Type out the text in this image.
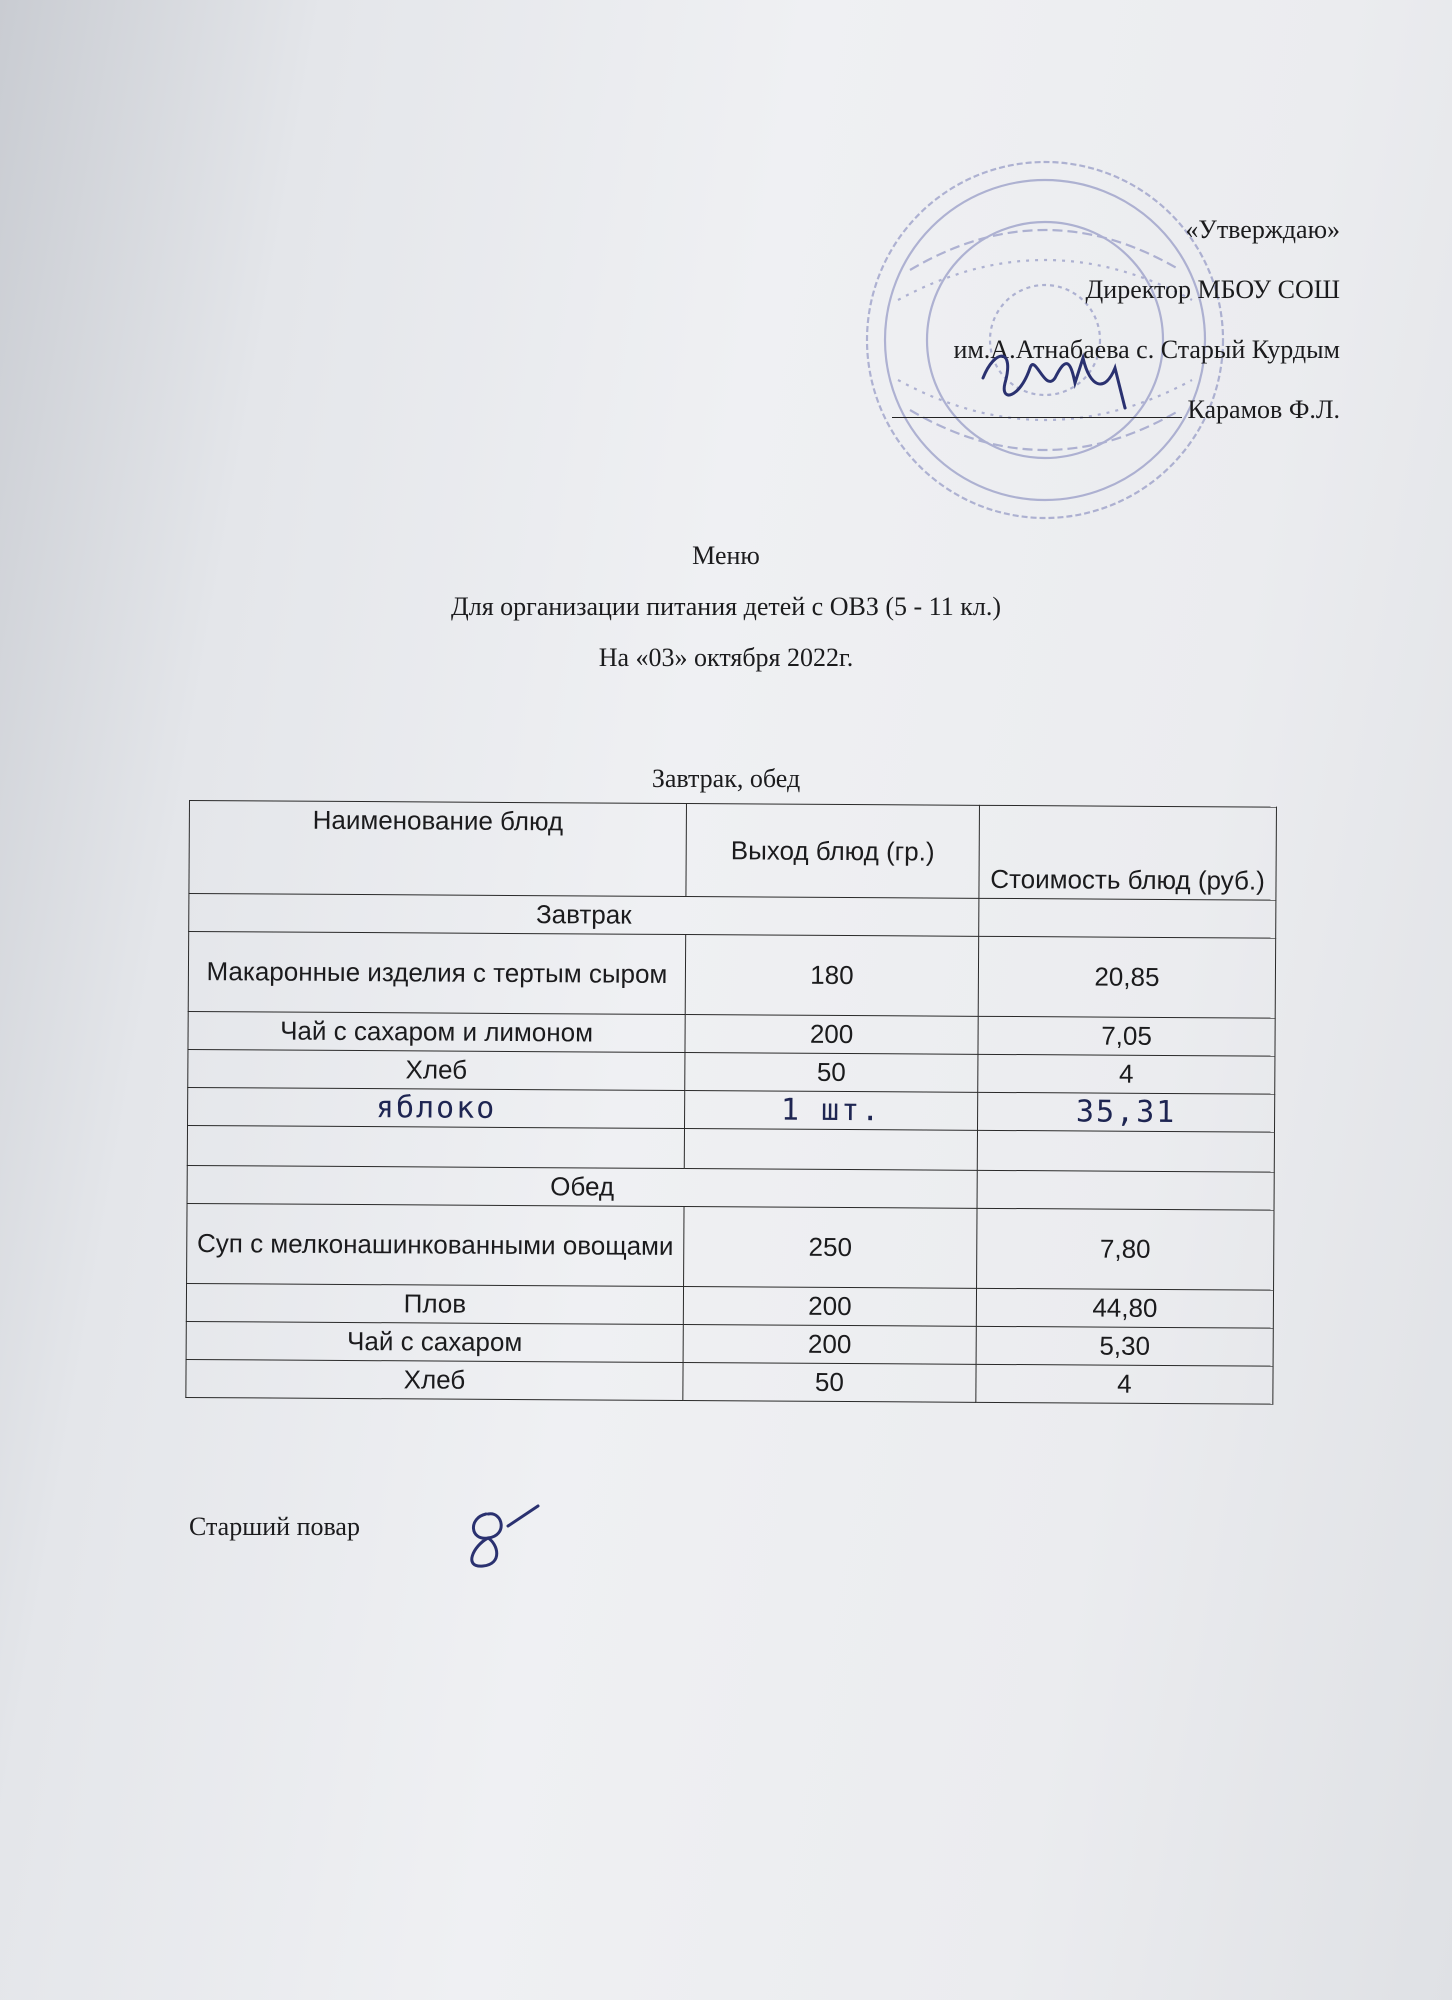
«Утверждаю»
Директор МБОУ СОШ
им.А.Атнабаева с. Старый Курдым
Карамов Ф.Л.
Меню
Для организации питания детей с ОВЗ (5 - 11 кл.)
На «03» октября 2022г.
Завтрак, обед
Наименование блюд	Выход блюд (гр.)	Стоимость блюд (руб.)
Завтрак		
Макаронные изделия с тертым сыром	180	20,85
Чай с сахаром и лимоном	200	7,05
Хлеб	50	4
яблоко	1 шт.	35,31

Обед		
Суп с мелконашинкованными овощами	250	7,80
Плов	200	44,80
Чай с сахаром	200	5,30
Хлеб	50	4
Старший повар
